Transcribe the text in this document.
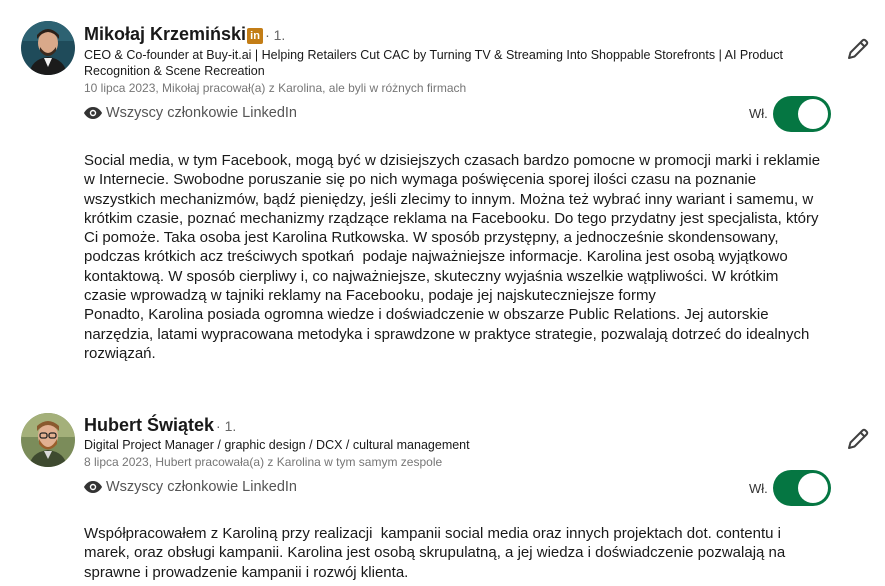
Mikołaj Krzemiński in · 1.
CEO & Co-founder at Buy-it.ai | Helping Retailers Cut CAC by Turning TV & Streaming Into Shoppable Storefronts | AI Product Recognition & Scene Recreation
10 lipca 2023, Mikołaj pracował(a) z Karolina, ale byli w różnych firmach
Wszyscy członkowie LinkedIn	Wł.
Social media, w tym Facebook, mogą być w dzisiejszych czasach bardzo pomocne w promocji marki i reklamie w Internecie. Swobodne poruszanie się po nich wymaga poświęcenia sporej ilości czasu na poznanie wszystkich mechanizmów, bądź pieniędzy, jeśli zlecimy to innym. Można też wybrać inny wariant i samemu, w krótkim czasie, poznać mechanizmy rządzące reklama na Facebooku. Do tego przydatny jest specjalista, który Ci pomoże. Taka osoba jest Karolina Rutkowska. W sposób przystępny, a jednocześnie skondensowany, podczas krótkich acz treściwych spotkań  podaje najważniejsze informacje. Karolina jest osobą wyjątkowo kontaktową. W sposób cierpliwy i, co najważniejsze, skuteczny wyjaśnia wszelkie wątpliwości. W krótkim czasie wprowadzą w tajniki reklamy na Facebooku, podaje jej najskuteczniejsze formy
Ponadto, Karolina posiada ogromna wiedze i doświadczenie w obszarze Public Relations. Jej autorskie narzędzia, latami wypracowana metodyka i sprawdzone w praktyce strategie, pozwalają dotrzeć do idealnych rozwiązań.
Hubert Świątek · 1.
Digital Project Manager / graphic design / DCX / cultural management
8 lipca 2023, Hubert pracowała(a) z Karolina w tym samym zespole
Wszyscy członkowie LinkedIn	Wł.
Współpracowałem z Karoliną przy realizacji  kampanii social media oraz innych projektach dot. contentu i marek, oraz obsługi kampanii. Karolina jest osobą skrupulatną, a jej wiedza i doświadczenie pozwalają na sprawne i prowadzenie kampanii i rozwój klienta.
